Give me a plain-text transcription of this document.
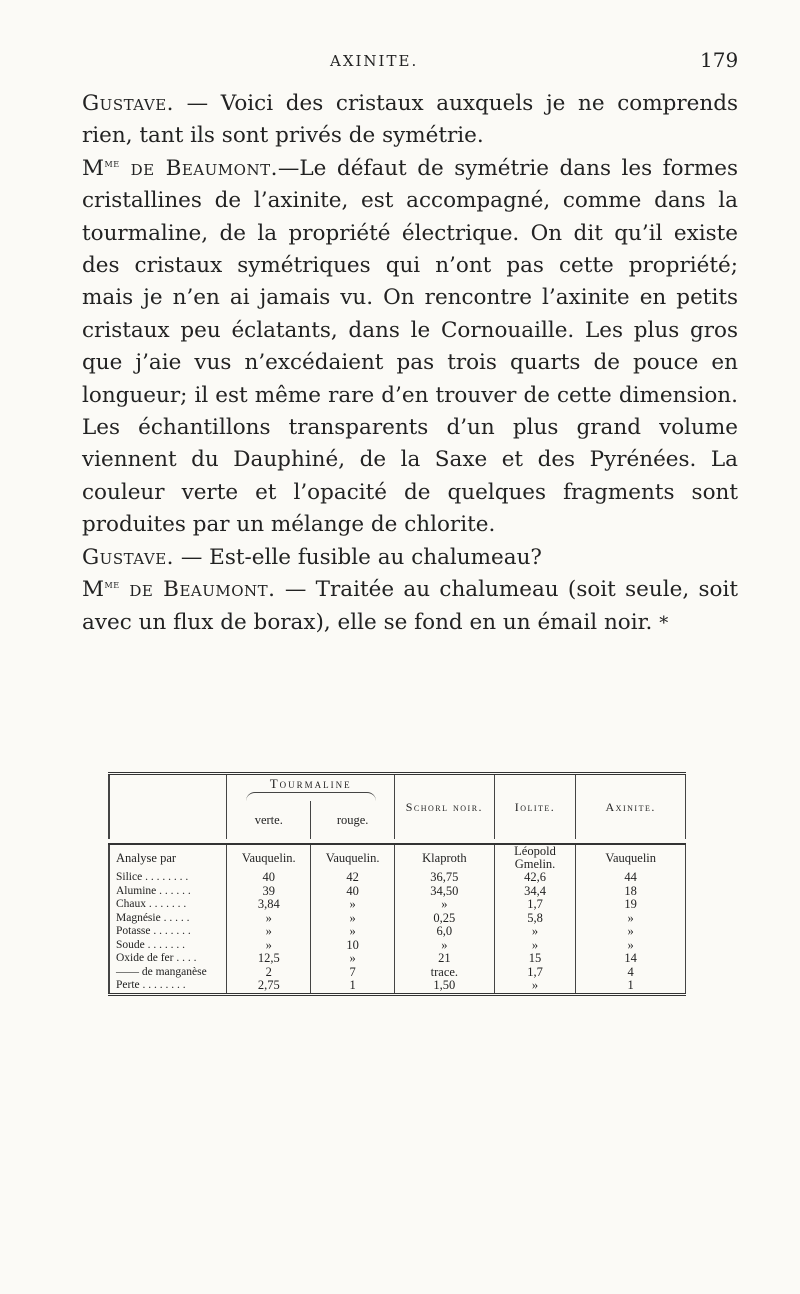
AXINITE.	179

Gustave. — Voici des cristaux auxquels je ne comprends rien, tant ils sont privés de symétrie.

$M^{me}$ de Beaumont.—Le défaut de symétrie dans les formes cristallines de l’axinite, est accompagné, comme dans la tourmaline, de la propriété électrique. On dit qu’il existe des cristaux symétriques qui n’ont pas cette propriété; mais je n’en ai jamais vu. On rencontre l’axinite en petits cristaux peu éclatants, dans le Cornouaille. Les plus gros que j’aie vus n’excédaient pas trois quarts de pouce en longueur; il est même rare d’en trouver de cette dimension. Les échantillons transparents d’un plus grand volume viennent du Dauphiné, de la Saxe et des Pyrénées. La couleur verte et l’opacité de quelques fragments sont produites par un mélange de chlorite.

Gustave. — Est-elle fusible au chalumeau?

$M^{me}$ de Beaumont. — Traitée au chalumeau (soit seule, soit avec un flux de borax), elle se fond en un émail noir. *

	Tourmaline		Schorl noir.	Iolite.	Axinite.
	verte.	rouge.			

Analyse par	Vauquelin.	Vauquelin.	Klaproth	Léopold Gmelin.	Vauquelin
Silice . . . . . . . .	40	42	36,75	42,6	44
Alumine . . . . . .	39	40	34,50	34,4	18
Chaux . . . . . . .	3,84	»	»	1,7	19
Magnésie . . . . .	»	»	0,25	5,8	»
Potasse . . . . . . .	»	»	6,0	»	»
Soude . . . . . . .	»	10	»	»	»
Oxide de fer . . . .	12,5	»	21	15	14
—— de manganèse	2	7	trace.	1,7	4
Perte . . . . . . . .	2,75	1	1,50	»	1
